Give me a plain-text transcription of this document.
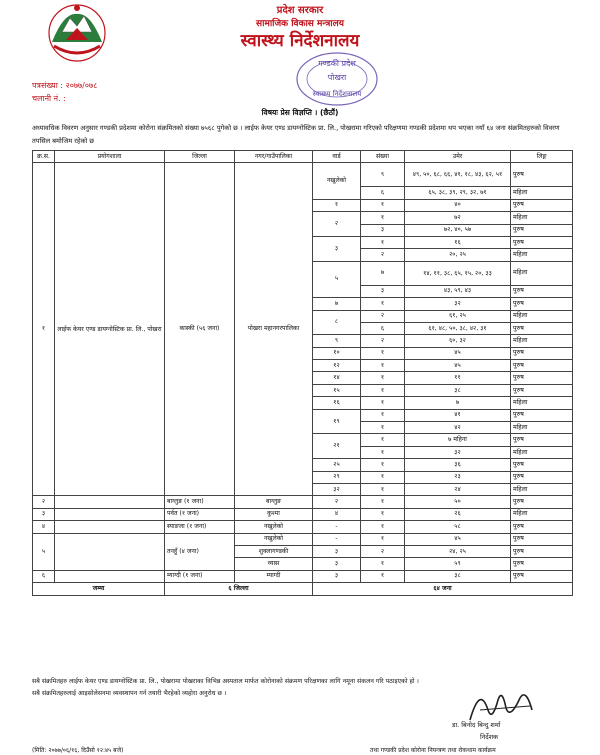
प्रदेश सरकार
सामाजिक विकास मन्त्रालय
स्वास्थ्य निर्देशनालय
गण्डकी प्रदेश
पोखरा
स्वास्थ्य निर्देशनालय
पत्रसंख्या : २०७७/०७८
चलानी नं. :
विषयः प्रेस विज्ञप्ति । (छैठौं)
अध्यावधिक विवरण अनुसार गण्डकी प्रदेशमा कोरोना संक्रमितको संख्या ७५६८ पुगेको छ । लाईफ केयर एण्ड डायग्नोस्टिक प्रा. लि., पोखरामा गरिएको परिक्षणमा गण्डकी प्रदेशमा थप भएका नयाँ ६४ जना संक्रमितहरुको विवरण तपसिल बमोजिम रहेको छ
क्र.स.	प्रयोगशाला	जिल्ला	नगर/गाउँपालिका	वार्ड	संख्या	उमेर	लिङ्ग
१	लाईफ केयर एण्ड डायग्नोस्टिक प्रा. लि., पोखरा	कास्की (५६ जना)	पोखरा महानगरपालिका	नखुलेको	९	४९, ५०, ६८, ६६, ४१, १८, ४३, ६२, ५१	पुरुष
					६	६५, ३८, ३९, २९, ३२, ७१	महिला
				१	१	४०	पुरुष
				२	१	७२	महिला
					३	७२, ४०, ५७	पुरुष
				३	१	१६	पुरुष
					२	२०, २५	महिला
				५	७	१४, ११, ३८, ६५, १५, २०, ३३	महिला
					३	४३, ५९, ४३	पुरुष
				७	१	३२	पुरुष
				८	२	६१, २५	महिला
					६	६१, ४८, ५०, ३८, ४२, ३१	पुरुष
				९	२	६०, ३२	महिला
				१०	१	४५	पुरुष
				१२	१	४५	पुरुष
				१४	१	११	पुरुष
				१५	१	३८	पुरुष
				१६	१	७	महिला
				१९	१	४१	पुरुष
					१	४२	महिला
				२१	१	७ महिना	पुरुष
					१	३२	महिला
				२५	१	३६	पुरुष
				२९	१	२३	पुरुष
				३२	१	२४	महिला
२		बाग्लुङ (१ जना)	बाग्लुङ	२	१	५०	पुरुष
३		पर्वत (१ जना)	कुश्मा	४	१	२६	महिला
४		स्याङजा (१ जना)	नखुलेको	-	१	५८	पुरुष
५		तनहुँ (४ जना)	नखुलेको	-	१	४५	पुरुष
			शुक्लागण्डकी	३	२	२४, २५	पुरुष
			व्यास	३	१	५९	पुरुष
६		म्याग्दी (१ जना)	म्याग्दी	३	१	३८	पुरुष
जम्मा		६ जिल्ला		६४ जना			
सबै संक्रमितहरु लाईफ केयर एण्ड डायग्नोस्टिक प्रा. लि., पोखरामा पोखराका विभिन्न अस्पताल मार्फत कोरोनाको संक्रमण परिक्षणका लागि नमूना संकलन गरि पठाइएको हो ।
सबै संक्रमितहरुलाई आइसोलेसनमा व्यवस्थापन गर्न तयारी भैरहेको व्यहोरा अनुरोध छ ।
डा. बिनोद बिन्दु शर्मा
निर्देशक
(मिति: २०७७/०६/१६, दिउँसो १२:४५ बजे)	तथा गण्डकी प्रदेश कोरोना नियन्त्रण तथा रोकथाम कार्यक्रम
